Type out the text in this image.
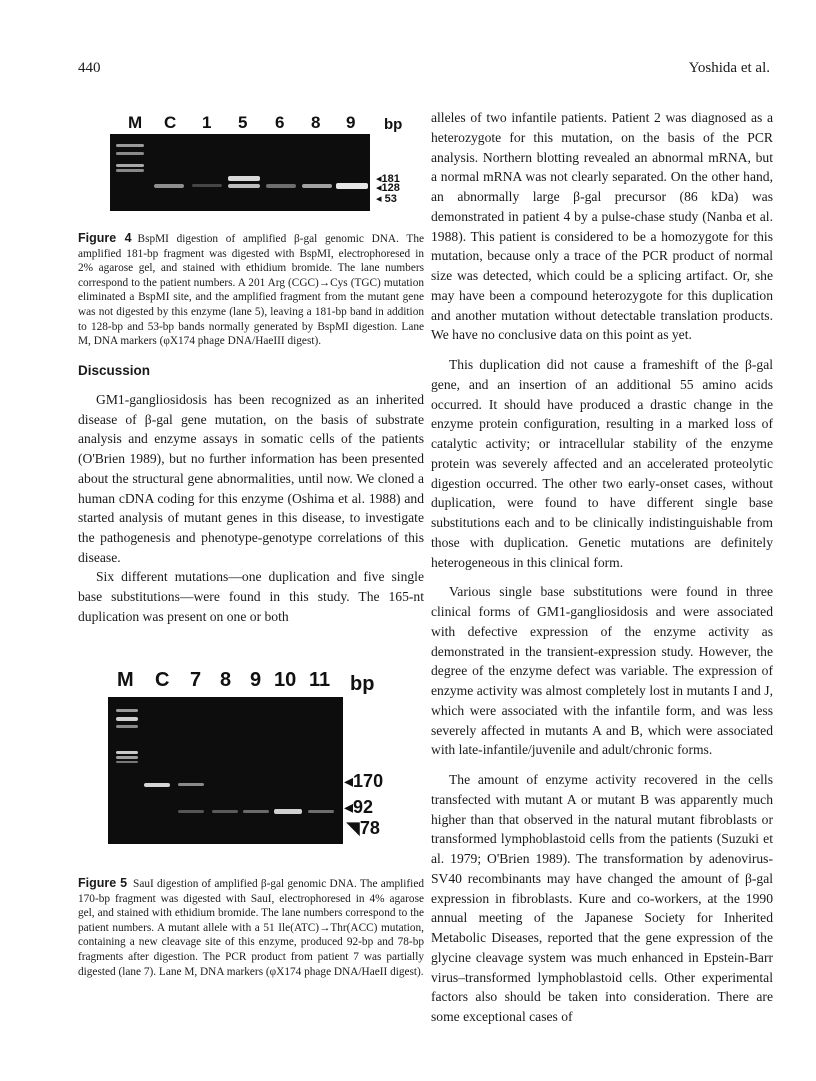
440	Yoshida et al.
M C 1 5 6 8 9 bp
◂181
◂128
◂ 53
Figure 4 BspMI digestion of amplified β-gal genomic DNA. The amplified 181-bp fragment was digested with BspMI, electrophoresed in 2% agarose gel, and stained with ethidium bromide. The lane numbers correspond to the patient numbers. A 201 Arg (CGC)→Cys (TGC) mutation eliminated a BspMI site, and the amplified fragment from the mutant gene was not digested by this enzyme (lane 5), leaving a 181-bp band in addition to 128-bp and 53-bp bands normally generated by BspMI digestion. Lane M, DNA markers (φX174 phage DNA/HaeIII digest).
Discussion

GM1-gangliosidosis has been recognized as an inherited disease of β-gal gene mutation, on the basis of substrate analysis and enzyme assays in somatic cells of the patients (O'Brien 1989), but no further information has been presented about the structural gene abnormalities, until now. We cloned a human cDNA coding for this enzyme (Oshima et al. 1988) and started analysis of mutant genes in this disease, to investigate the pathogenesis and phenotype-genotype correlations of this disease.

Six different mutations—one duplication and five single base substitutions—were found in this study. The 165-nt duplication was present on one or both

M C 7 8 9 10 11 bp
◂170
◂92
◥78
Figure 5 SauI digestion of amplified β-gal genomic DNA. The amplified 170-bp fragment was digested with SauI, electrophoresed in 4% agarose gel, and stained with ethidium bromide. The lane numbers correspond to the patient numbers. A mutant allele with a 51 Ile(ATC)→Thr(ACC) mutation, containing a new cleavage site of this enzyme, produced 92-bp and 78-bp fragments after digestion. The PCR product from patient 7 was partially digested (lane 7). Lane M, DNA markers (φX174 phage DNA/HaeII digest).

alleles of two infantile patients. Patient 2 was diagnosed as a heterozygote for this mutation, on the basis of the PCR analysis. Northern blotting revealed an abnormal mRNA, but a normal mRNA was not clearly separated. On the other hand, an abnormally large β-gal precursor (86 kDa) was demonstrated in patient 4 by a pulse-chase study (Nanba et al. 1988). This patient is considered to be a homozygote for this mutation, because only a trace of the PCR product of normal size was detected, which could be a splicing artifact. Or, she may have been a compound heterozygote for this duplication and another mutation without detectable translation products. We have no conclusive data on this point as yet.

This duplication did not cause a frameshift of the β-gal gene, and an insertion of an additional 55 amino acids occurred. It should have produced a drastic change in the enzyme protein configuration, resulting in a marked loss of catalytic activity; or intracellular stability of the enzyme protein was severely affected and an accelerated proteolytic digestion occurred. The other two early-onset cases, without duplication, were found to have different single base substitutions each and to be clinically indistinguishable from those with duplication. Genetic mutations are definitely heterogeneous in this clinical form.

Various single base substitutions were found in three clinical forms of GM1-gangliosidosis and were associated with defective expression of the enzyme activity as demonstrated in the transient-expression study. However, the degree of the enzyme defect was variable. The expression of enzyme activity was almost completely lost in mutants I and J, which were associated with the infantile form, and was less severely affected in mutants A and B, which were associated with late-infantile/juvenile and adult/chronic forms.

The amount of enzyme activity recovered in the cells transfected with mutant A or mutant B was apparently much higher than that observed in the natural mutant fibroblasts or transformed lymphoblastoid cells from the patients (Suzuki et al. 1979; O'Brien 1989). The transformation by adenovirus-SV40 recombinants may have changed the amount of β-gal expression in fibroblasts. Kure and co-workers, at the 1990 annual meeting of the Japanese Society for Inherited Metabolic Diseases, reported that the gene expression of the glycine cleavage system was much enhanced in Epstein-Barr virus–transformed lymphoblastoid cells. Other experimental factors also should be taken into consideration. There are some exceptional cases of
